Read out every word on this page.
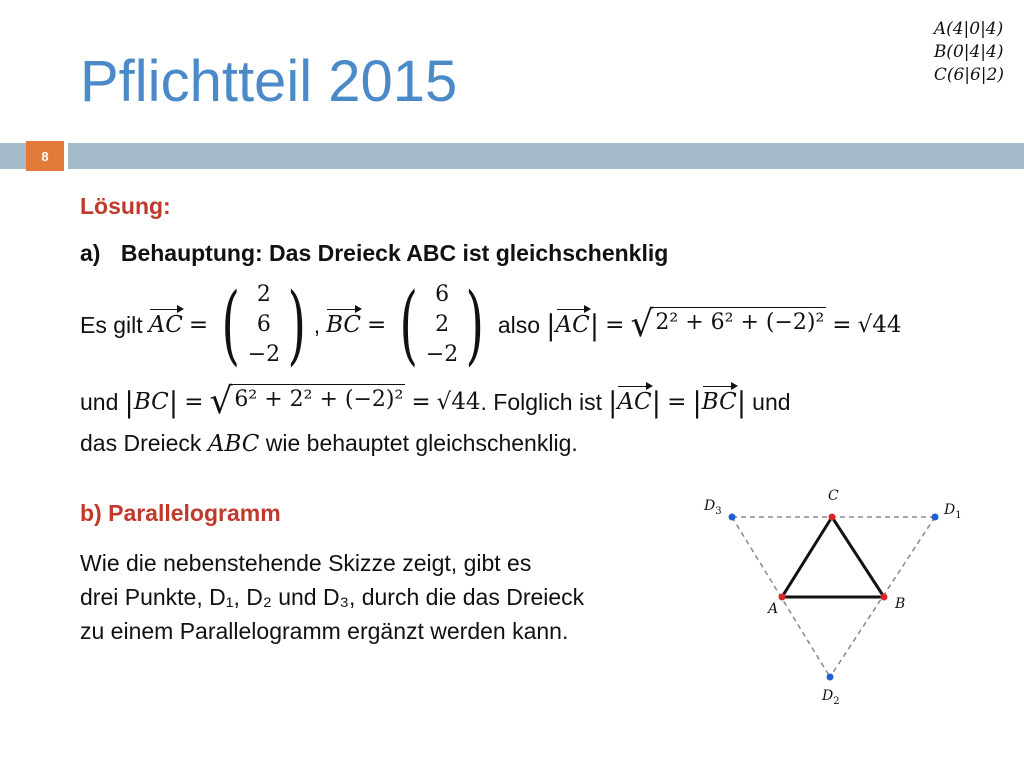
Pflichtteil 2015
A(4|0|4)
B(0|4|4)
C(6|6|2)
8
Lösung:
a) Behauptung: Das Dreieck ABC ist gleichschenklig
Es gilt AC = ( 2
6
−2 ) , BC = ( 6
2
−2 ) also | AC | = √ 2² + 6² + (−2)² = √44
und | BC | = √ 6² + 2² + (−2)² = √44 . Folglich ist | AC | = | BC | und
das Dreieck ABC wie behauptet gleichschenklig.
b) Parallelogramm
Wie die nebenstehende Skizze zeigt, gibt es
drei Punkte, D₁, D₂ und D₃, durch die das Dreieck
zu einem Parallelogramm ergänzt werden kann.
C
A	B
$D_3$	$D_1$
$D_2$
